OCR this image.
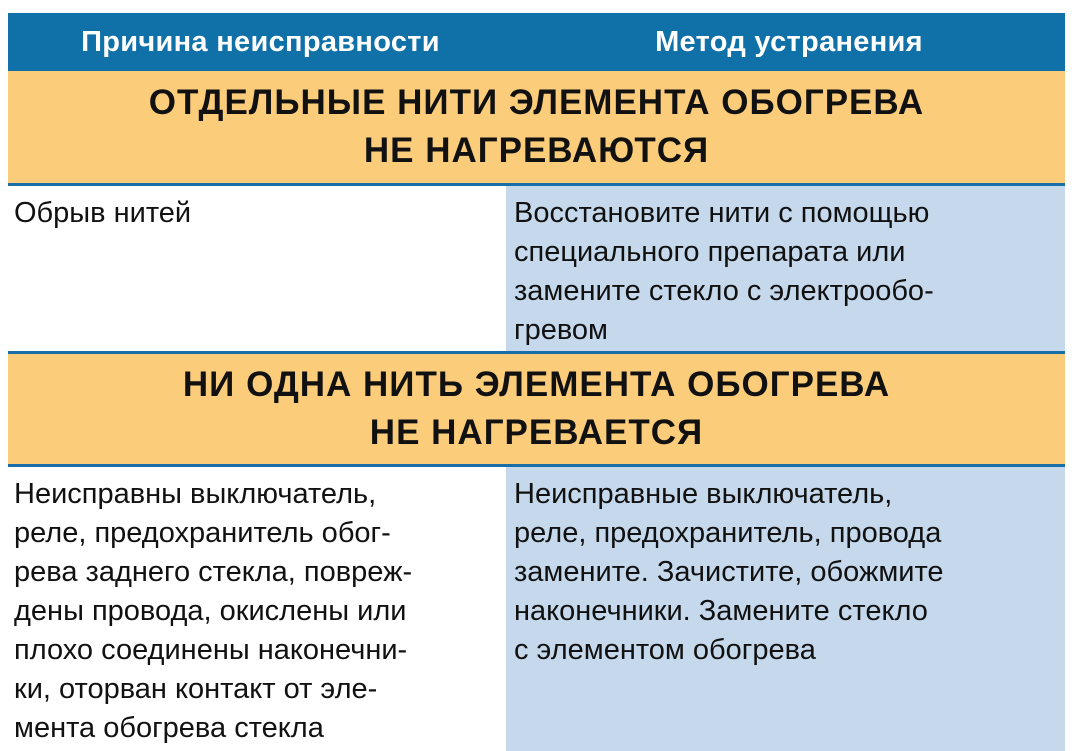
Причина неисправности	Метод устранения
ОТДЕЛЬНЫЕ НИТИ ЭЛЕМЕНТА ОБОГРЕВА
НЕ НАГРЕВАЮТСЯ
Обрыв нитей	Восстановите нити с помощью
специального препарата или
замените стекло с электрообо-
гревом
НИ ОДНА НИТЬ ЭЛЕМЕНТА ОБОГРЕВА
НЕ НАГРЕВАЕТСЯ
Неисправны выключатель,
реле, предохранитель обог-
рева заднего стекла, повреж-
дены провода, окислены или
плохо соединены наконечни-
ки, оторван контакт от эле-
мента обогрева стекла
Неисправные выключатель,
реле, предохранитель, провода
замените. Зачистите, обожмите
наконечники. Замените стекло
с элементом обогрева
